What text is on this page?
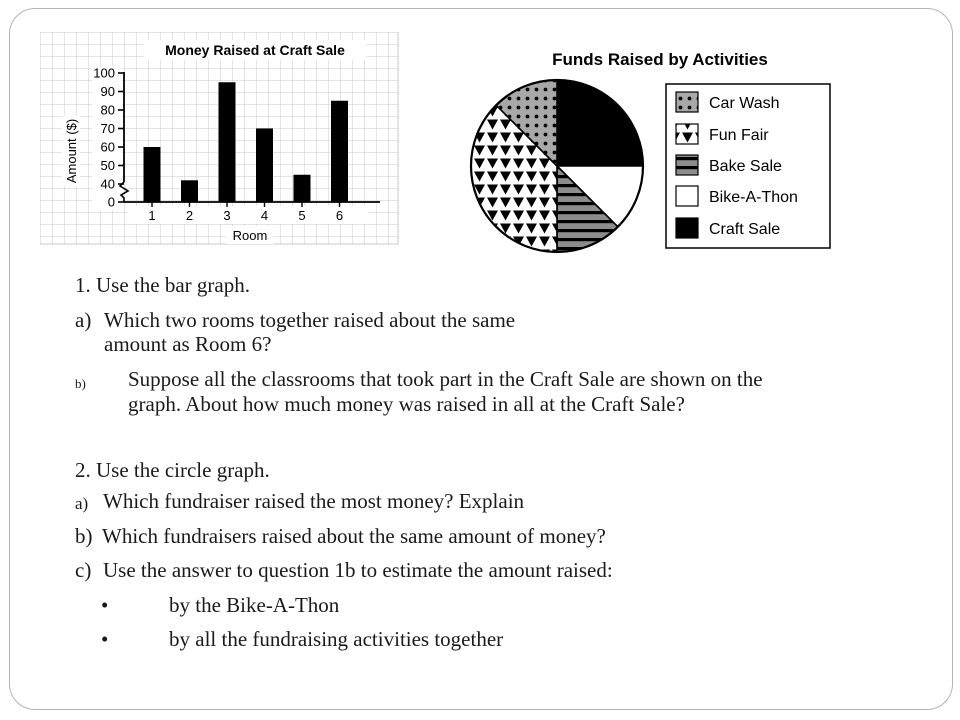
Money Raised at Craft Sale
0
40
50
60
70
80
90
100
1 2 3 4 5 6
Room
Amount ($)
Funds Raised by Activities
Car Wash
Fun Fair
Bake Sale
Bike-A-Thon
Craft Sale
1. Use the bar graph.
a) Which two rooms together raised about the same
amount as Room 6?
b) Suppose all the classrooms that took part in the Craft Sale are shown on the
graph. About how much money was raised in all at the Craft Sale?
2. Use the circle graph.
a) Which fundraiser raised the most money? Explain
b) Which fundraisers raised about the same amount of money?
c) Use the answer to question 1b to estimate the amount raised:
•	by the Bike-A-Thon
•	by all the fundraising activities together
